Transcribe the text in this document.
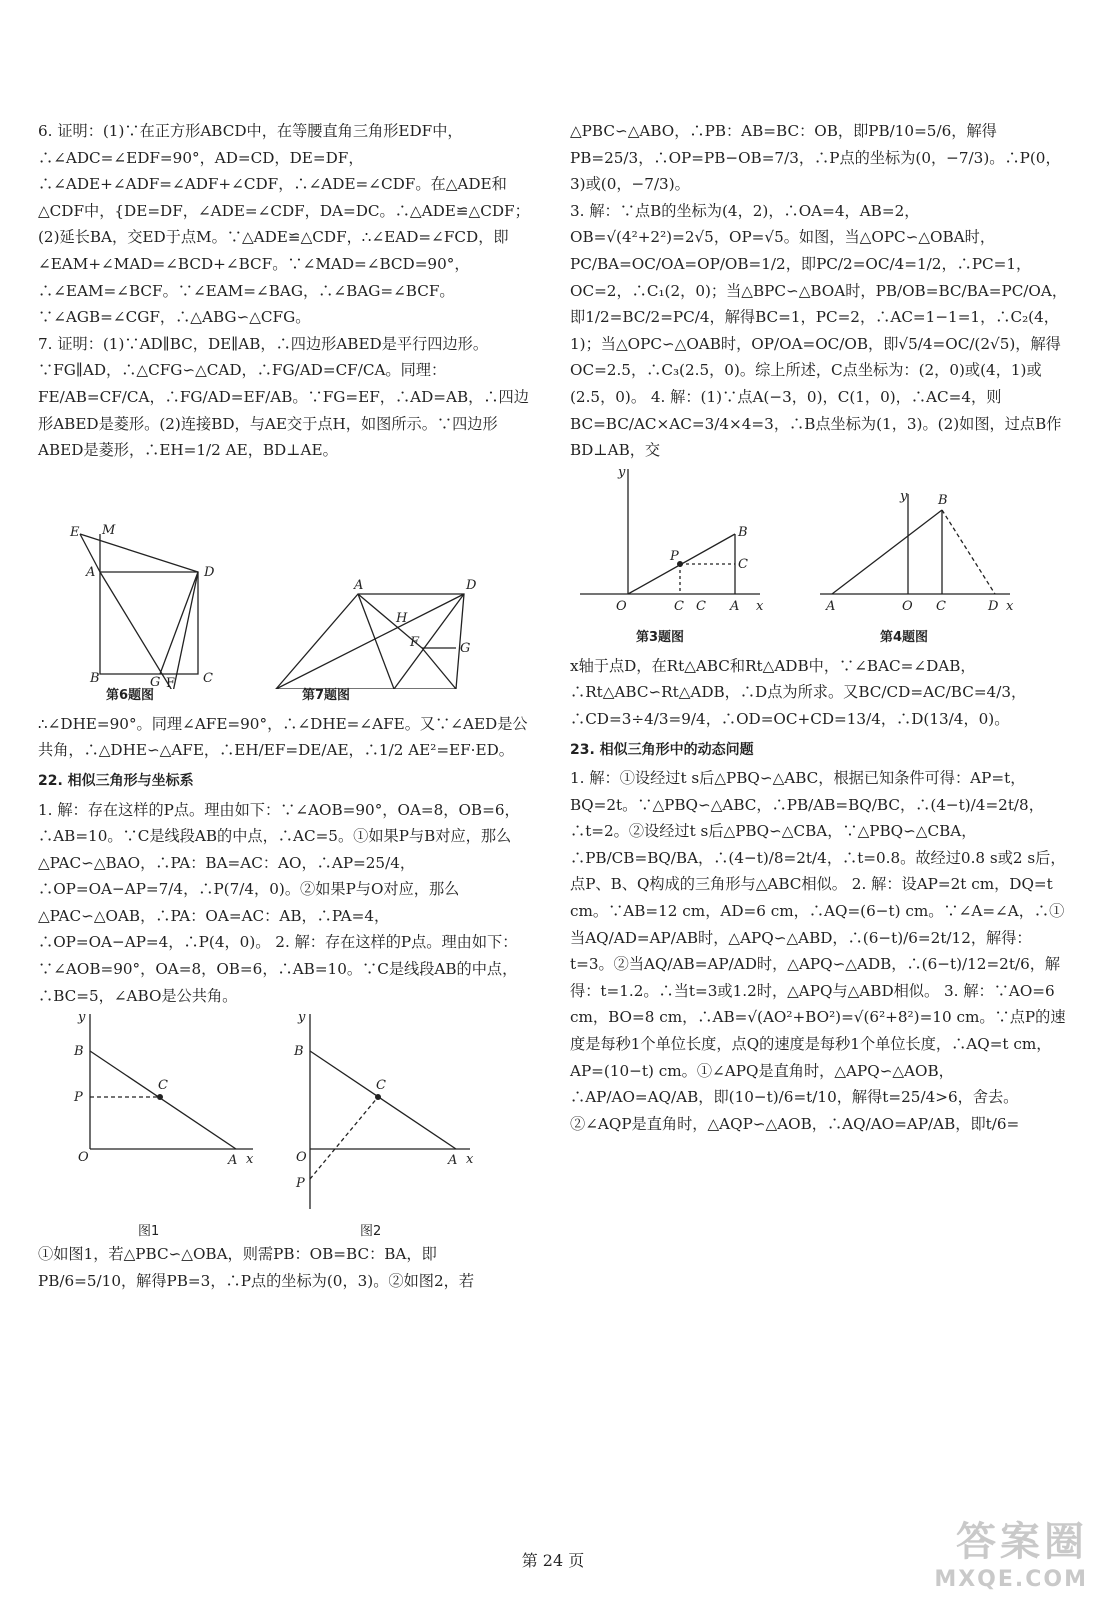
6. 证明：(1)∵在正方形ABCD中，在等腰直角三角形EDF中，∴∠ADC=∠EDF=90°，AD=CD，DE=DF，∴∠ADE+∠ADF=∠ADF+∠CDF，∴∠ADE=∠CDF。在△ADE和△CDF中，{DE=DF，∠ADE=∠CDF，DA=DC。∴△ADE≌△CDF；(2)延长BA，交ED于点M。∵△ADE≌△CDF，∴∠EAD=∠FCD，即∠EAM+∠MAD=∠BCD+∠BCF。∵∠MAD=∠BCD=90°，∴∠EAM=∠BCF。∵∠EAM=∠BAG，∴∠BAG=∠BCF。∵∠AGB=∠CGF，∴△ABG∽△CFG。

7. 证明：(1)∵AD∥BC，DE∥AB，∴四边形ABED是平行四边形。∵FG∥AD，∴△CFG∽△CAD，∴FG/AD=CF/CA。同理：FE/AB=CF/CA，∴FG/AD=EF/AB。∵FG=EF，∴AD=AB，∴四边形ABED是菱形。(2)连接BD，与AE交于点H，如图所示。∵四边形ABED是菱形，∴EH=1/2 AE，BD⊥AE。

E M
A	D
B	G	C
F
A	D
H
F	G
第6题图	第7题图

∴∠DHE=90°。同理∠AFE=90°，∴∠DHE=∠AFE。又∵∠AED是公共角，∴△DHE∽△AFE，∴EH/EF=DE/AE，∴1/2 AE²=EF·ED。

22. 相似三角形与坐标系

1. 解：存在这样的P点。理由如下：∵∠AOB=90°，OA=8，OB=6，∴AB=10。∵C是线段AB的中点，∴AC=5。①如果P与B对应，那么△PAC∽△BAO，∴PA：BA=AC：AO，∴AP=25/4，∴OP=OA−AP=7/4，∴P(7/4，0)。②如果P与O对应，那么△PAC∽△OAB，∴PA：OA=AC：AB，∴PA=4，∴OP=OA−AP=4，∴P(4，0)。 2. 解：存在这样的P点。理由如下：∵∠AOB=90°，OA=8，OB=6，∴AB=10。∵C是线段AB的中点，∴BC=5，∠ABO是公共角。

y
B
P
C
O	A x
y
B
C
O
P
A x
图1	图2

①如图1，若△PBC∽△OBA，则需PB：OB=BC：BA，即PB/6=5/10，解得PB=3，∴P点的坐标为(0，3)。②如图2，若

△PBC∽△ABO，∴PB：AB=BC：OB，即PB/10=5/6，解得PB=25/3，∴OP=PB−OB=7/3，∴P点的坐标为(0，−7/3)。∴P(0，3)或(0，−7/3)。

3. 解：∵点B的坐标为(4，2)，∴OA=4，AB=2，OB=√(4²+2²)=2√5，OP=√5。如图，当△OPC∽△OBA时，PC/BA=OC/OA=OP/OB=1/2，即PC/2=OC/4=1/2，∴PC=1，OC=2，∴C₁(2，0)；当△BPC∽△BOA时，PB/OB=BC/BA=PC/OA，即1/2=BC/2=PC/4，解得BC=1，PC=2，∴AC=1−1=1，∴C₂(4，1)；当△OPC∽△OAB时，OP/OA=OC/OB，即√5/4=OC/(2√5)，解得OC=2.5，∴C₃(2.5，0)。综上所述，C点坐标为：(2，0)或(4，1)或(2.5，0)。 4. 解：(1)∵点A(−3，0)，C(1，0)，∴AC=4，则BC=BC/AC×AC=3/4×4=3，∴B点坐标为(1，3)。(2)如图，过点B作BD⊥AB，交

y
P
B
C
O	C C A x
y B
A	O C	D x
第3题图	第4题图

x轴于点D，在Rt△ABC和Rt△ADB中，∵∠BAC=∠DAB，∴Rt△ABC∽Rt△ADB，∴D点为所求。又BC/CD=AC/BC=4/3，∴CD=3÷4/3=9/4，∴OD=OC+CD=13/4，∴D(13/4，0)。

23. 相似三角形中的动态问题

1. 解：①设经过t s后△PBQ∽△ABC，根据已知条件可得：AP=t，BQ=2t。∵△PBQ∽△ABC，∴PB/AB=BQ/BC，∴(4−t)/4=2t/8，∴t=2。②设经过t s后△PBQ∽△CBA，∵△PBQ∽△CBA，∴PB/CB=BQ/BA，∴(4−t)/8=2t/4，∴t=0.8。故经过0.8 s或2 s后，点P、B、Q构成的三角形与△ABC相似。 2. 解：设AP=2t cm，DQ=t cm。∵AB=12 cm，AD=6 cm，∴AQ=(6−t) cm。∵∠A=∠A，∴①当AQ/AD=AP/AB时，△APQ∽△ABD，∴(6−t)/6=2t/12，解得：t=3。②当AQ/AB=AP/AD时，△APQ∽△ADB，∴(6−t)/12=2t/6，解得：t=1.2。∴当t=3或1.2时，△APQ与△ABD相似。 3. 解：∵AO=6 cm，BO=8 cm，∴AB=√(AO²+BO²)=√(6²+8²)=10 cm。∵点P的速度是每秒1个单位长度，点Q的速度是每秒1个单位长度，∴AQ=t cm，AP=(10−t) cm。①∠APQ是直角时，△APQ∽△AOB，∴AP/AO=AQ/AB，即(10−t)/6=t/10，解得t=25/4>6，舍去。②∠AQP是直角时，△AQP∽△AOB，∴AQ/AO=AP/AB，即t/6=

第 24 页	答案圈
MXQE.COM
